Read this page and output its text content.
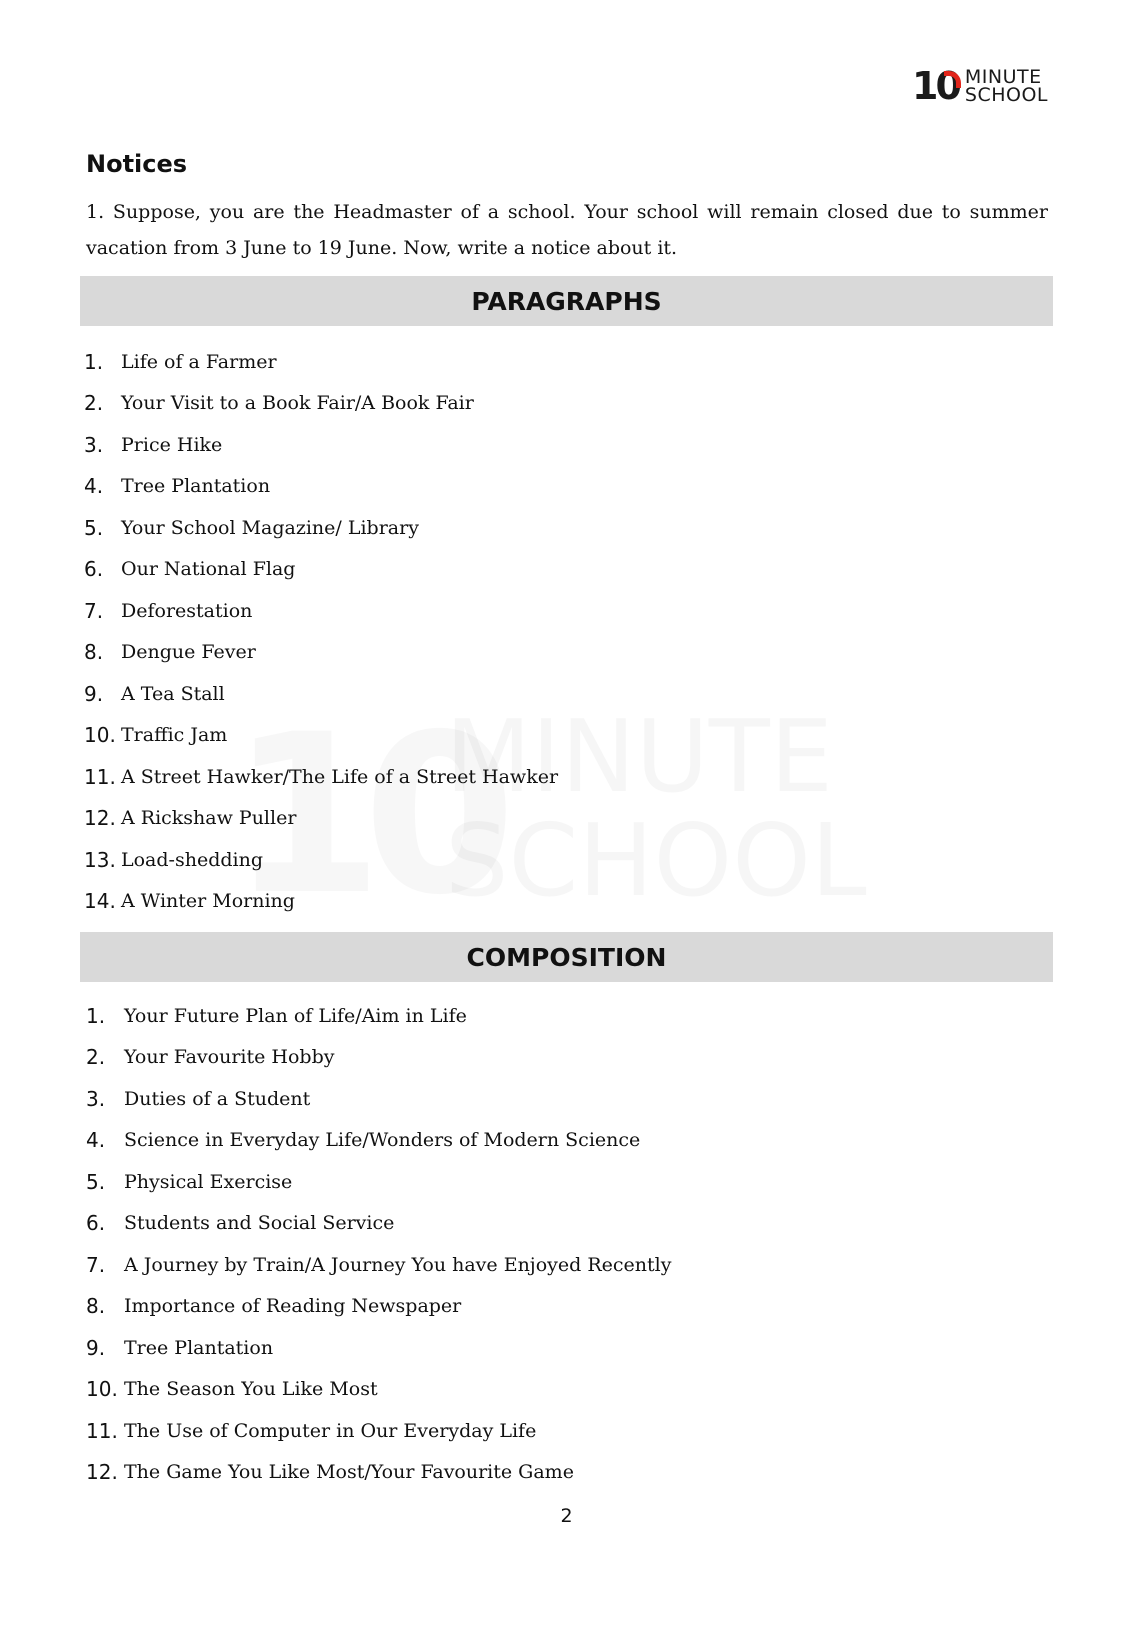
10 MINUTE
SCHOOL
Notices

1. Suppose, you are the Headmaster of a school. Your school will remain closed due to summer vacation from 3 June to 19 June. Now, write a notice about it.

PARAGRAPHS
1. Life of a Farmer
2. Your Visit to a Book Fair/A Book Fair
3. Price Hike
4. Tree Plantation
5. Your School Magazine/ Library
6. Our National Flag
7. Deforestation
8. Dengue Fever
9. A Tea Stall
10. Traffic Jam
11. A Street Hawker/The Life of a Street Hawker
12. A Rickshaw Puller
13. Load-shedding
14. A Winter Morning
COMPOSITION
1. Your Future Plan of Life/Aim in Life
2. Your Favourite Hobby
3. Duties of a Student
4. Science in Everyday Life/Wonders of Modern Science
5. Physical Exercise
6. Students and Social Service
7. A Journey by Train/A Journey You have Enjoyed Recently
8. Importance of Reading Newspaper
9. Tree Plantation
10. The Season You Like Most
11. The Use of Computer in Our Everyday Life
12. The Game You Like Most/Your Favourite Game
2
